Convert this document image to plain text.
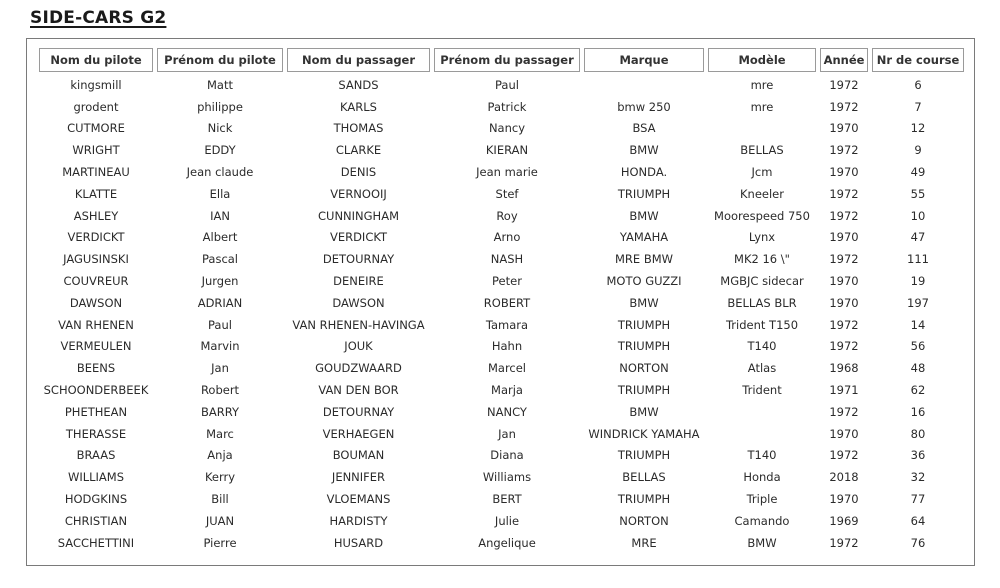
SIDE-CARS G2
Nom du pilote	Prénom du pilote	Nom du passager	Prénom du passager	Marque	Modèle	Année	Nr de course
kingsmill	Matt	SANDS	Paul		mre	1972	6
grodent	philippe	KARLS	Patrick	bmw 250	mre	1972	7
CUTMORE	Nick	THOMAS	Nancy	BSA		1970	12
WRIGHT	EDDY	CLARKE	KIERAN	BMW	BELLAS	1972	9
MARTINEAU	Jean claude	DENIS	Jean marie	HONDA.	Jcm	1970	49
KLATTE	Ella	VERNOOIJ	Stef	TRIUMPH	Kneeler	1972	55
ASHLEY	IAN	CUNNINGHAM	Roy	BMW	Moorespeed 750	1972	10
VERDICKT	Albert	VERDICKT	Arno	YAMAHA	Lynx	1970	47
JAGUSINSKI	Pascal	DETOURNAY	NASH	MRE BMW	MK2 16 \"	1972	111
COUVREUR	Jurgen	DENEIRE	Peter	MOTO GUZZI	MGBJC sidecar	1970	19
DAWSON	ADRIAN	DAWSON	ROBERT	BMW	BELLAS BLR	1970	197
VAN RHENEN	Paul	VAN RHENEN-HAVINGA	Tamara	TRIUMPH	Trident T150	1972	14
VERMEULEN	Marvin	JOUK	Hahn	TRIUMPH	T140	1972	56
BEENS	Jan	GOUDZWAARD	Marcel	NORTON	Atlas	1968	48
SCHOONDERBEEK	Robert	VAN DEN BOR	Marja	TRIUMPH	Trident	1971	62
PHETHEAN	BARRY	DETOURNAY	NANCY	BMW		1972	16
THERASSE	Marc	VERHAEGEN	Jan	WINDRICK YAMAHA		1970	80
BRAAS	Anja	BOUMAN	Diana	TRIUMPH	T140	1972	36
WILLIAMS	Kerry	JENNIFER	Williams	BELLAS	Honda	2018	32
HODGKINS	Bill	VLOEMANS	BERT	TRIUMPH	Triple	1970	77
CHRISTIAN	JUAN	HARDISTY	Julie	NORTON	Camando	1969	64
SACCHETTINI	Pierre	HUSARD	Angelique	MRE	BMW	1972	76
